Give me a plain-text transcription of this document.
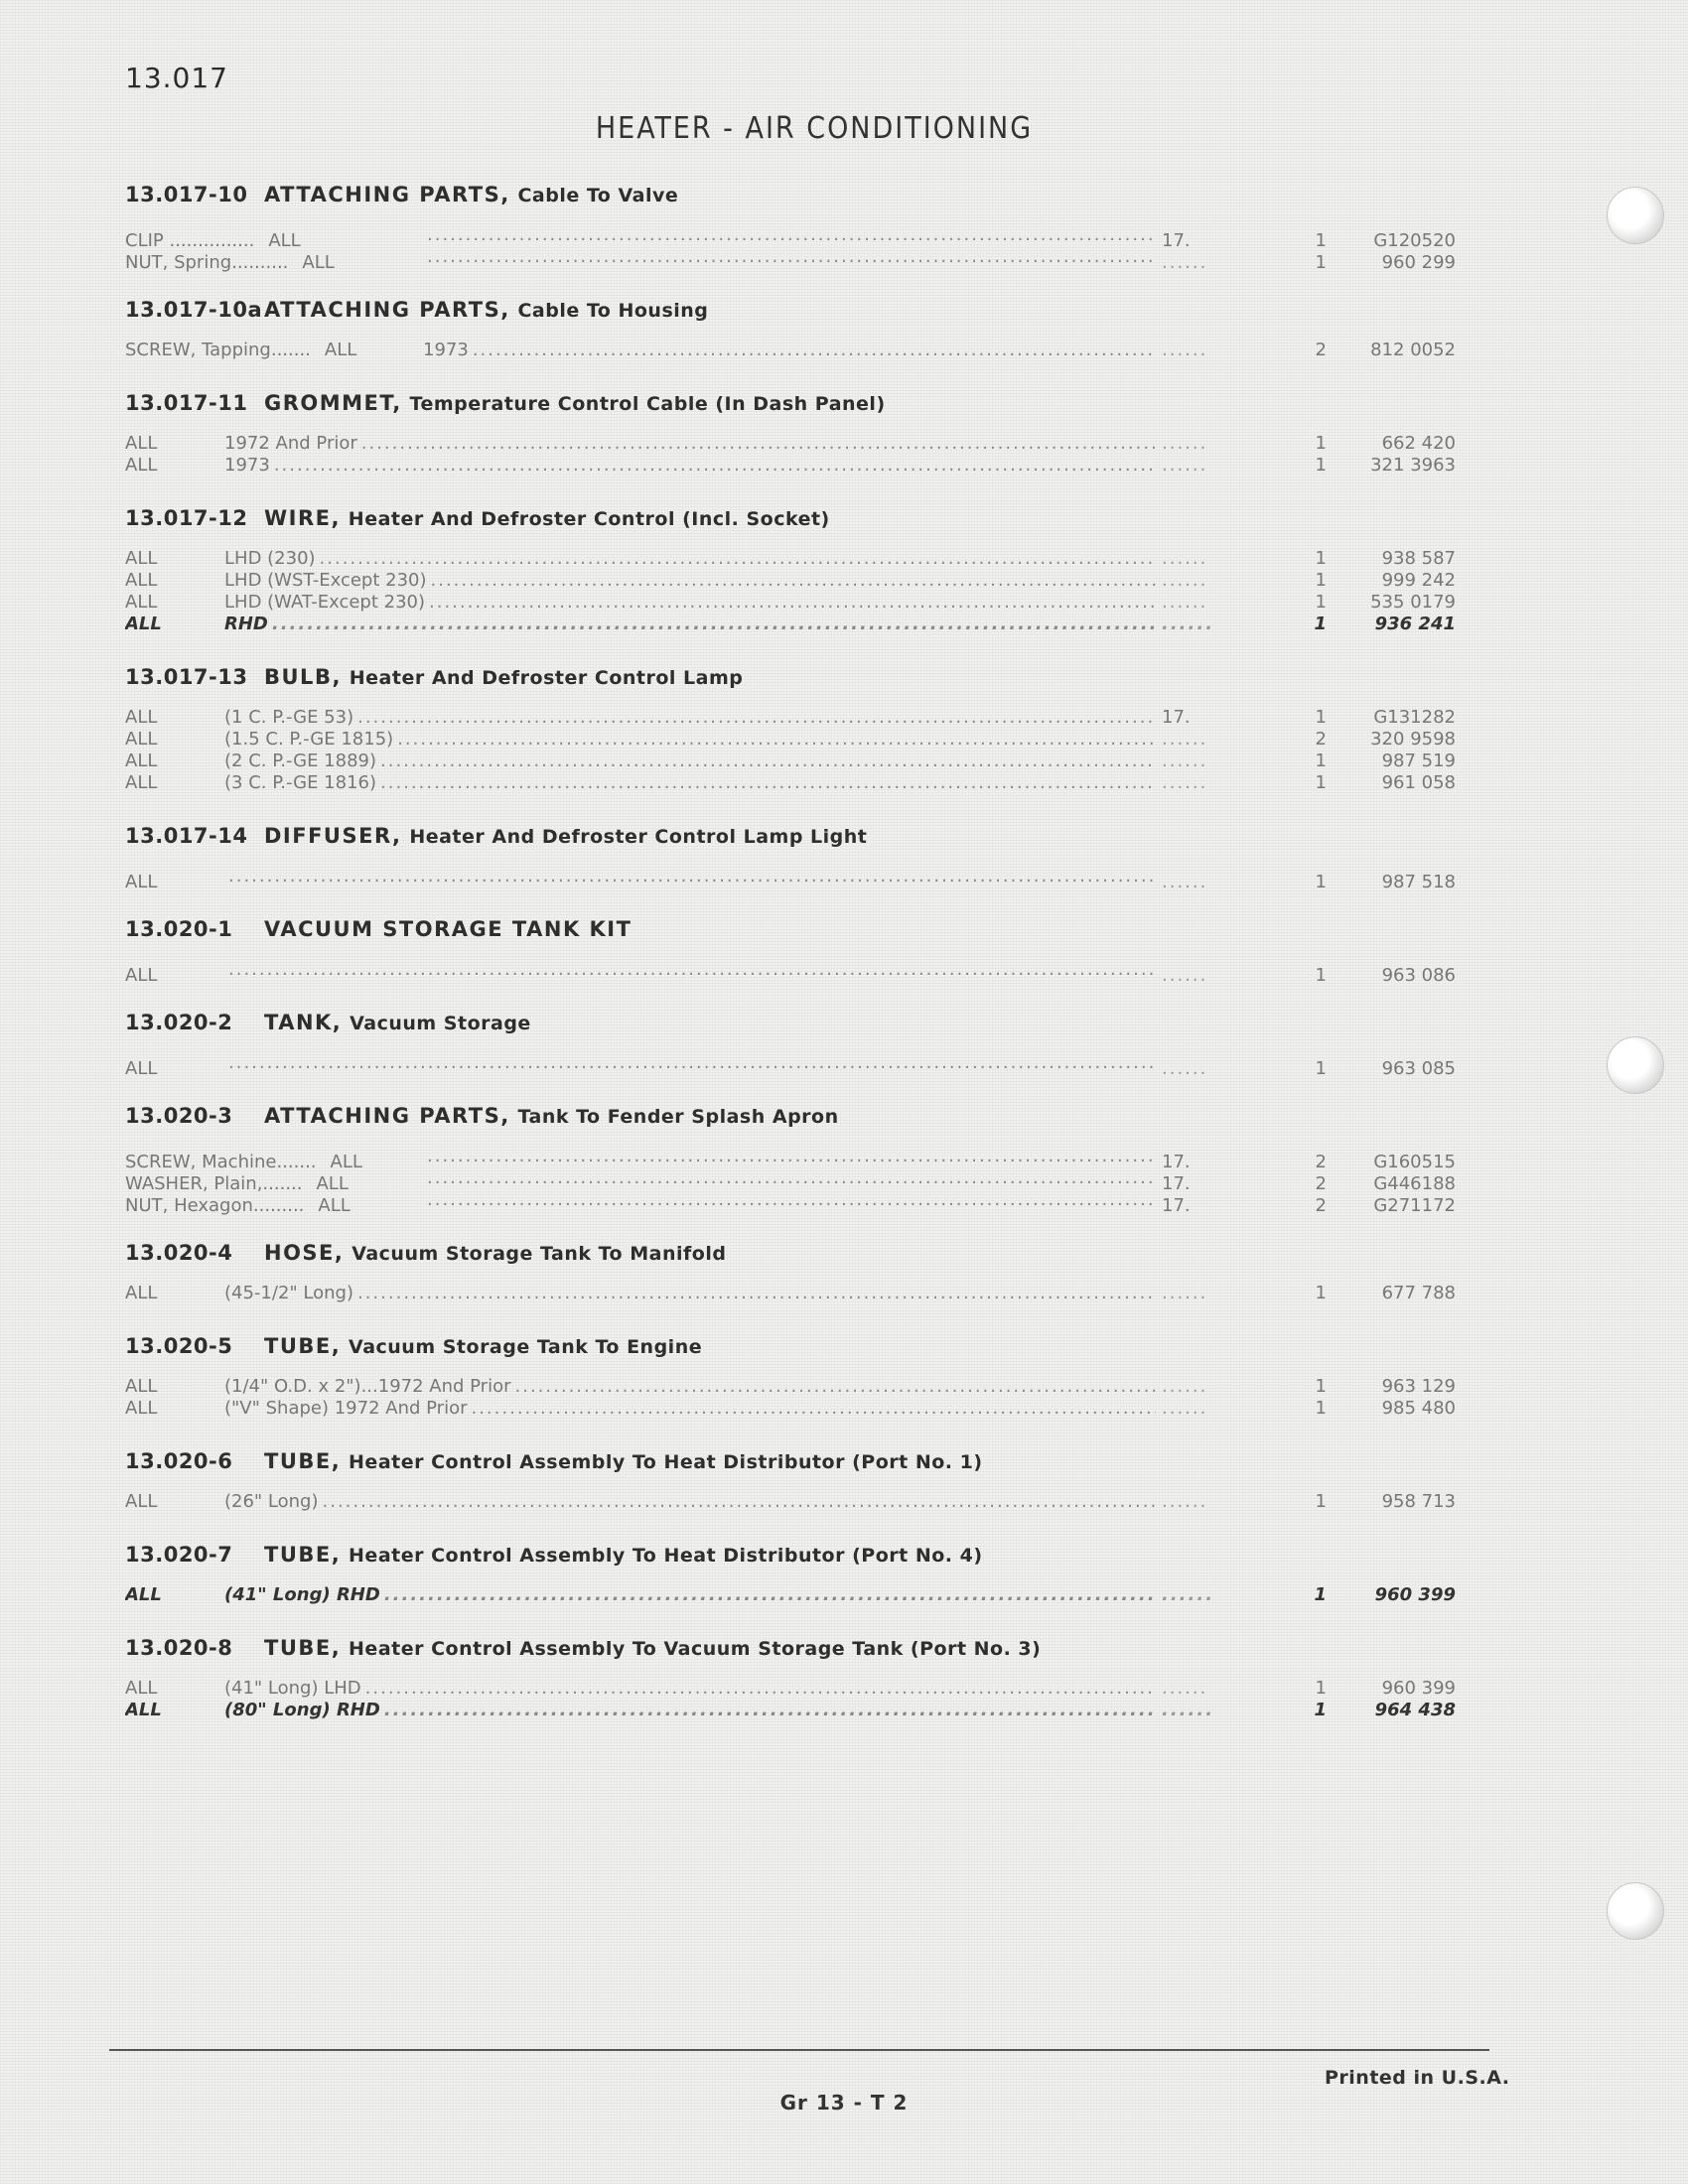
13.017
HEATER - AIR CONDITIONING
13.017-10 ATTACHING PARTS, Cable To Valve
CLIP ............... ALL .....	17.	1	G120520
NUT, Spring.......... ALL .....	......	1	960 299
13.017-10a ATTACHING PARTS, Cable To Housing
SCREW, Tapping....... ALL	1973 .....	......	2	812 0052
13.017-11 GROMMET, Temperature Control Cable (In Dash Panel)
ALL	1972 And Prior .....	......	1	662 420
ALL	1973 .....	......	1	321 3963
13.017-12 WIRE, Heater And Defroster Control (Incl. Socket)
ALL	LHD (230) .....	......	1	938 587
ALL	LHD (WST-Except 230) .....	......	1	999 242
ALL	LHD (WAT-Except 230) .....	......	1	535 0179
ALL	RHD .....	......	1	936 241
13.017-13 BULB, Heater And Defroster Control Lamp
ALL	(1 C. P.-GE 53) .....	17.	1	G131282
ALL	(1.5 C. P.-GE 1815) .....	......	2	320 9598
ALL	(2 C. P.-GE 1889) .....	......	1	987 519
ALL	(3 C. P.-GE 1816) .....	......	1	961 058
13.017-14 DIFFUSER, Heater And Defroster Control Lamp Light
ALL .....	......	1	987 518
13.020-1	VACUUM STORAGE TANK KIT
ALL .....	......	1	963 086
13.020-2	TANK, Vacuum Storage
ALL .....	......	1	963 085
13.020-3	ATTACHING PARTS, Tank To Fender Splash Apron
SCREW, Machine....... ALL .....	17.	2	G160515
WASHER, Plain,....... ALL .....	17.	2	G446188
NUT, Hexagon......... ALL .....	17.	2	G271172
13.020-4	HOSE, Vacuum Storage Tank To Manifold
ALL	(45-1/2" Long) .....	......	1	677 788
13.020-5	TUBE, Vacuum Storage Tank To Engine
ALL	(1/4" O.D. x 2")...1972 And Prior .....	......	1	963 129
ALL	("V" Shape) 1972 And Prior .....	......	1	985 480
13.020-6	TUBE, Heater Control Assembly To Heat Distributor (Port No. 1)
ALL	(26" Long) .....	......	1	958 713
13.020-7	TUBE, Heater Control Assembly To Heat Distributor (Port No. 4)
ALL	(41" Long) RHD .....	......	1	960 399
13.020-8	TUBE, Heater Control Assembly To Vacuum Storage Tank (Port No. 3)
ALL	(41" Long) LHD .....	......	1	960 399
ALL	(80" Long) RHD .....	......	1	964 438
Printed in U.S.A.
Gr 13 - T 2
